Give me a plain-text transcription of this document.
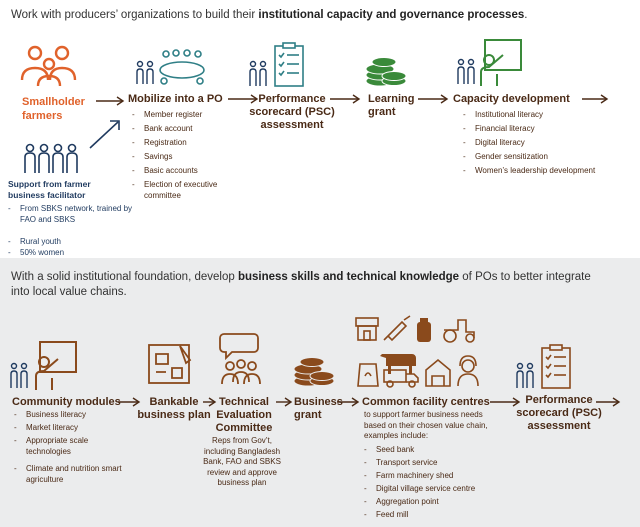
Work with producers’ organizations to build their institutional capacity and governance processes.
Smallholder farmers
Support from farmer business facilitator
- From SBKS network, trained by FAO and SBKS
- Rural youth
- 50% women
Mobilize into a PO
- Member register
- Bank account
- Registration
- Savings
- Basic accounts
- Election of executive committee
Performance scorecard (PSC) assessment
Learning grant
Capacity development
- Institutional literacy
- Financial literacy
- Digital literacy
- Gender sensitization
- Women’s leadership development
With a solid institutional foundation, develop business skills and technical knowledge of POs to better integrate into local value chains.
Community modules
- Business literacy
- Market literacy
- Appropriate scale technologies
- Climate and nutrition smart agriculture
Bankable business plan
Technical Evaluation Committee
Reps from Gov’t, including Bangladesh Bank, FAO and SBKS review and approve business plan
Business grant
Common facility centres
to support farmer business needs based on their chosen value chain, examples include:
- Seed bank
- Transport service
- Farm machinery shed
- Digital village service centre
- Aggregation point
- Feed mill
Performance scorecard (PSC) assessment
